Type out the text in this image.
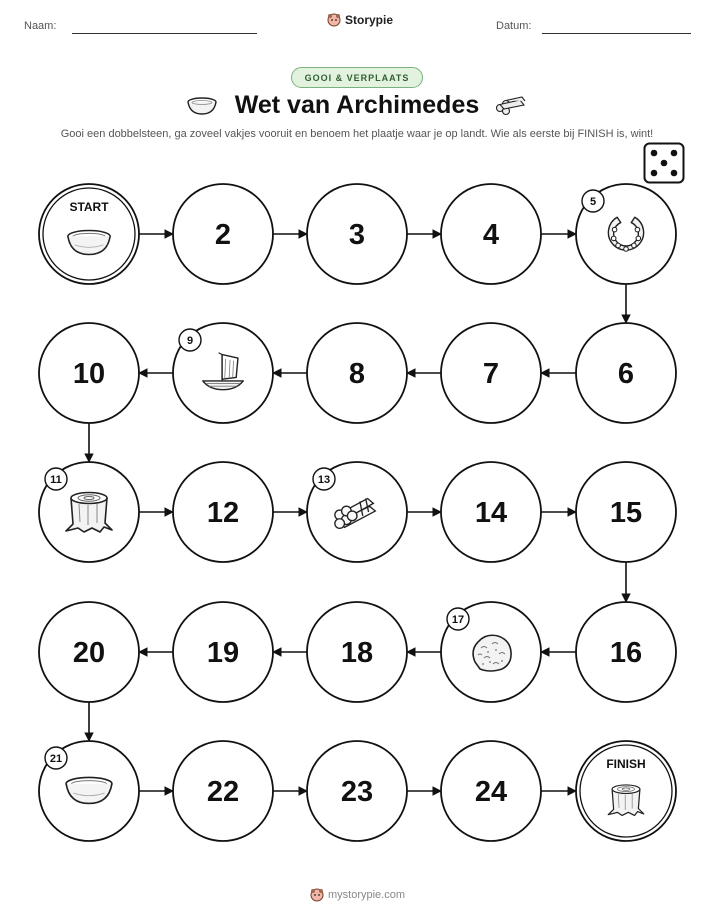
Naam:	Storypie	Datum:
GOOI & VERPLAATS
Wet van Archimedes
Gooi een dobbelsteen, ga zoveel vakjes vooruit en benoem het plaatje waar je op landt. Wie als eerste bij FINISH is, wint!
START
2	3	4
5
6
7
8
9
10
11
12
13
14	15
16
17
18
19
20
21
22	23	24
FINISH
mystorypie.com
